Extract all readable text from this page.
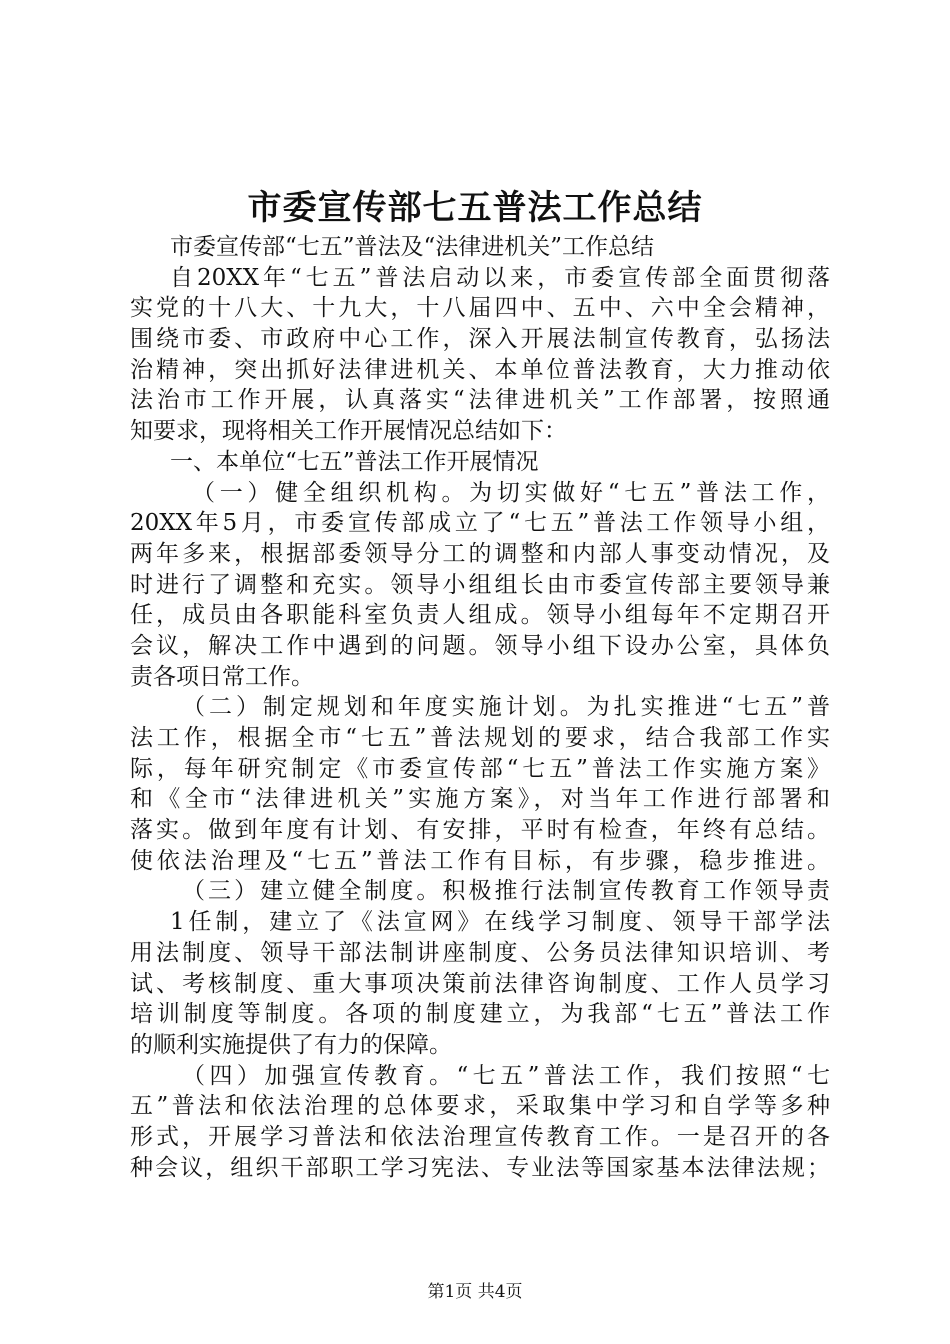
市委宣传部七五普法工作总结
市委宣传部“七五”普法及“法律进机关”工作总结
自20XX年“七五”普法启动以来，市委宣传部全面贯彻落
实党的十八大、十九大，十八届四中、五中、六中全会精神，
围绕市委、市政府中心工作，深入开展法制宣传教育，弘扬法
治精神，突出抓好法律进机关、本单位普法教育，大力推动依
法治市工作开展，认真落实“法律进机关”工作部署，按照通
知要求，现将相关工作开展情况总结如下：
一、本单位“七五”普法工作开展情况
（一）健全组织机构。为切实做好“七五”普法工作，
20XX年5月，市委宣传部成立了“七五”普法工作领导小组，
两年多来，根据部委领导分工的调整和内部人事变动情况，及
时进行了调整和充实。领导小组组长由市委宣传部主要领导兼
任，成员由各职能科室负责人组成。领导小组每年不定期召开
会议，解决工作中遇到的问题。领导小组下设办公室，具体负
责各项日常工作。
（二）制定规划和年度实施计划。为扎实推进“七五”普
法工作，根据全市“七五”普法规划的要求，结合我部工作实
际，每年研究制定《市委宣传部“七五”普法工作实施方案》
和《全市“法律进机关”实施方案》，对当年工作进行部署和
落实。做到年度有计划、有安排，平时有检查，年终有总结。
使依法治理及“七五”普法工作有目标，有步骤，稳步推进。
（三）建立健全制度。积极推行法制宣传教育工作领导责
1任制，建立了《法宣网》在线学习制度、领导干部学法
用法制度、领导干部法制讲座制度、公务员法律知识培训、考
试、考核制度、重大事项决策前法律咨询制度、工作人员学习
培训制度等制度。各项的制度建立，为我部“七五”普法工作
的顺利实施提供了有力的保障。
（四）加强宣传教育。“七五”普法工作，我们按照“七
五”普法和依法治理的总体要求，采取集中学习和自学等多种
形式，开展学习普法和依法治理宣传教育工作。一是召开的各
种会议，组织干部职工学习宪法、专业法等国家基本法律法规；
第1页 共4页
